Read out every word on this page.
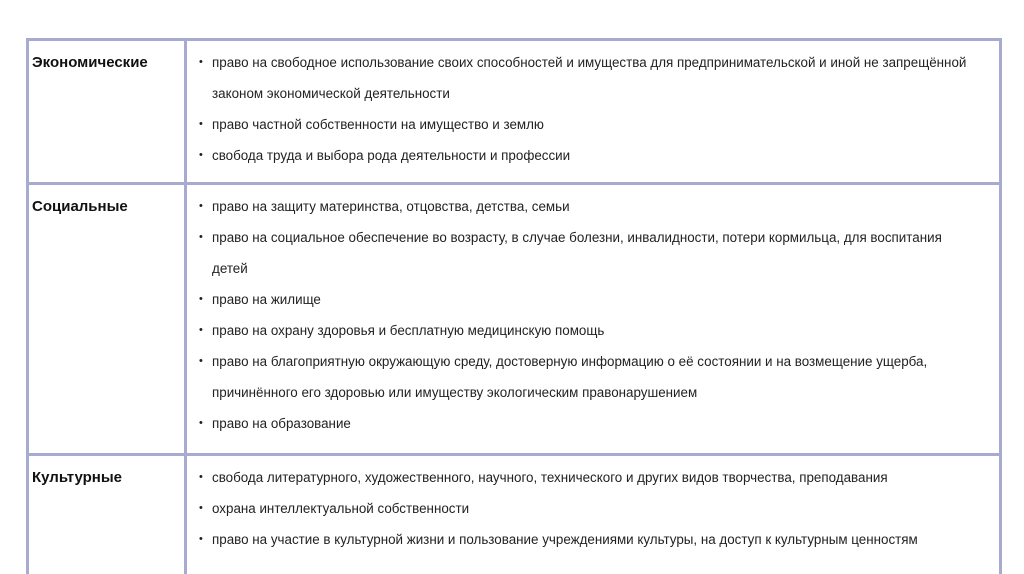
Экономические	• право на свободное использование своих способностей и имущества для предпринимательской и иной не запрещённой законом экономической деятельности
• право частной собственности на имущество и землю
• свобода труда и выбора рода деятельности и профессии
Социальные	• право на защиту материнства, отцовства, детства, семьи
• право на социальное обеспечение во возрасту, в случае болезни, инвалидности, потери кормильца, для воспитания детей
• право на жилище
• право на охрану здоровья и бесплатную медицинскую помощь
• право на благоприятную окружающую среду, достоверную информацию о её состоянии и на возмещение ущерба, причинённого его здоровью или имуществу экологическим правонарушением
• право на образование
Культурные	• свобода литературного, художественного, научного, технического и других видов творчества, преподавания
• охрана интеллектуальной собственности
• право на участие в культурной жизни и пользование учреждениями культуры, на доступ к культурным ценностям
